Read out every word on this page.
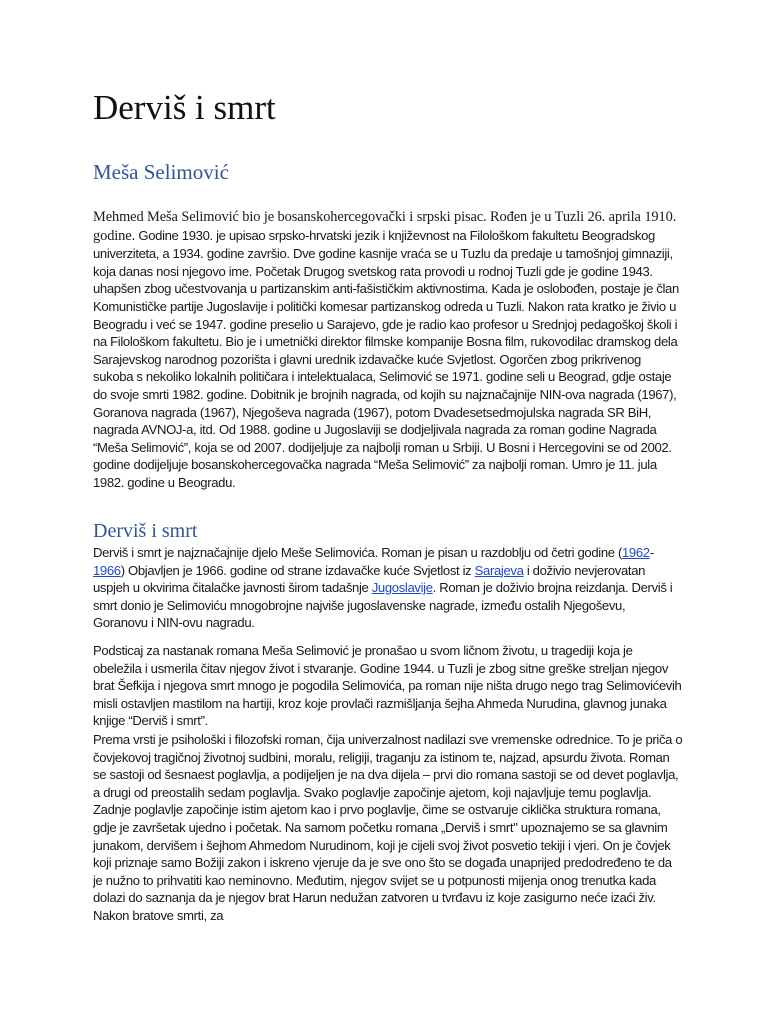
Derviš i smrt
Meša Selimović

Mehmed Meša Selimović bio je bosanskohercegovački i srpski pisac. Rođen je u Tuzli 26. aprila 1910. godine. Godine 1930. je upisao srpsko-hrvatski jezik i književnost na Filološkom fakultetu Beogradskog univerziteta, a 1934. godine završio. Dve godine kasnije vraća se u Tuzlu da predaje u tamošnjoj gimnaziji, koja danas nosi njegovo ime. Početak Drugog svetskog rata provodi u rodnoj Tuzli gde je godine 1943. uhapšen zbog učestvovanja u partizanskim anti-fašističkim aktivnostima. Kada je oslobođen, postaje je član Komunističke partije Jugoslavije i politički komesar partizanskog odreda u Tuzli. Nakon rata kratko je živio u Beogradu i već se 1947. godine preselio u Sarajevo, gde je radio kao profesor u Srednjoj pedagoškoj školi i na Filološkom fakultetu. Bio je i umetnički direktor filmske kompanije Bosna film, rukovodilac dramskog dela Sarajevskog narodnog pozorišta i glavni urednik izdavačke kuće Svjetlost. Ogorčen zbog prikrivenog sukoba s nekoliko lokalnih političara i intelektualaca, Selimović se 1971. godine seli u Beograd, gdje ostaje do svoje smrti 1982. godine. Dobitnik je brojnih nagrada, od kojih su najznačajnije NIN-ova nagrada (1967), Goranova nagrada (1967), Njegoševa nagrada (1967), potom Dvadesetsedmojulska nagrada SR BiH, nagrada AVNOJ-a, itd. Od 1988. godine u Jugoslaviji se dodjeljivala nagrada za roman godine Nagrada “Meša Selimović”, koja se od 2007. dodijeljuje za najbolji roman u Srbiji. U Bosni i Hercegovini se od 2002. godine dodijeljuje bosanskohercegovačka nagrada “Meša Selimović” za najbolji roman. Umro je 11. jula 1982. godine u Beogradu.

Derviš i smrt

Derviš i smrt je najznačajnije djelo Meše Selimovića. Roman je pisan u razdoblju od četri godine (1962-1966) Objavljen je 1966. godine od strane izdavačke kuće Svjetlost iz Sarajeva i doživio nevjerovatan uspjeh u okvirima čitalačke javnosti širom tadašnje Jugoslavije. Roman je doživio brojna reizdanja. Derviš i smrt donio je Selimoviću mnogobrojne najviše jugoslavenske nagrade, između ostalih Njegoševu, Goranovu i NIN-ovu nagradu.

Podsticaj za nastanak romana Meša Selimović je pronašao u svom ličnom životu, u tragediji koja je obeležila i usmerila čitav njegov život i stvaranje. Godine 1944. u Tuzli je zbog sitne greške streljan njegov brat Šefkija i njegova smrt mnogo je pogodila Selimovića, pa roman nije ništa drugo nego trag Selimovićevih misli ostavljen mastilom na hartiji, kroz koje provlači razmišljanja šejha Ahmeda Nurudina, glavnog junaka knjige “Derviš i smrt”.

Prema vrsti je psihološki i filozofski roman, čija univerzalnost nadilazi sve vremenske odrednice. To je priča o čovjekovoj tragičnoj životnoj sudbini, moralu, religiji, traganju za istinom te, najzad, apsurdu života. Roman se sastoji od šesnaest poglavlja, a podijeljen je na dva dijela – prvi dio romana sastoji se od devet poglavlja, a drugi od preostalih sedam poglavlja. Svako poglavlje započinje ajetom, koji najavljuje temu poglavlja. Zadnje poglavlje započinje istim ajetom kao i prvo poglavlje, čime se ostvaruje ciklička struktura romana, gdje je završetak ujedno i početak. Na samom početku romana „Derviš i smrt" upoznajemo se sa glavnim junakom, dervišem i šejhom Ahmedom Nurudinom, koji je cijeli svoj život posvetio tekiji i vjeri. On je čovjek koji priznaje samo Božiji zakon i iskreno vjeruje da je sve ono što se događa unaprijed predodređeno te da je nužno to prihvatiti kao neminovno. Međutim, njegov svijet se u potpunosti mijenja onog trenutka kada dolazi do saznanja da je njegov brat Harun nedužan zatvoren u tvrđavu iz koje zasigurno neće izaći živ. Nakon bratove smrti, za
